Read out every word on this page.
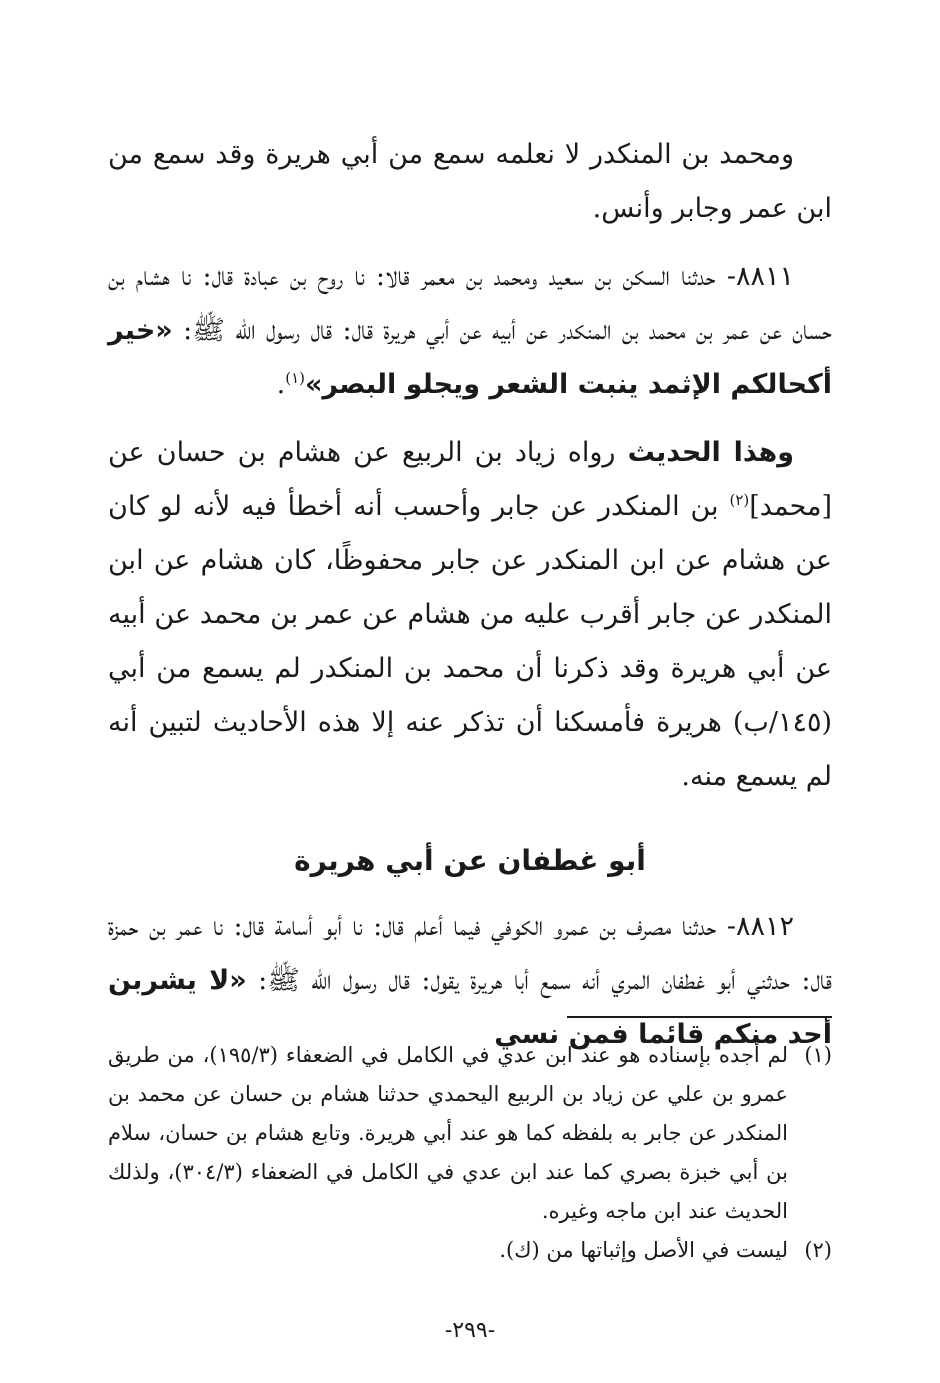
ومحمد بن المنكدر لا نعلمه سمع من أبي هريرة وقد سمع من ابن عمر وجابر وأنس.

٨٨١١- حدثنا السكن بن سعيد ومحمد بن معمر قالا: نا روح بن عبادة قال: نا هشام بن حسان عن عمر بن محمد بن المنكدر عن أبيه عن أبي هريرة قال: قال رسول الله ﷺ: «خير أكحالكم الإثمد ينبت الشعر ويجلو البصر»$^{(١)}$.

وهذا الحديث رواه زياد بن الربيع عن هشام بن حسان عن [محمد]$^{(٢)}$ بن المنكدر عن جابر وأحسب أنه أخطأ فيه لأنه لو كان عن هشام عن ابن المنكدر عن جابر محفوظًا، كان هشام عن ابن المنكدر عن جابر أقرب عليه من هشام عن عمر بن محمد عن أبيه عن أبي هريرة وقد ذكرنا أن محمد بن المنكدر لم يسمع من أبي (١٤٥/ب) هريرة فأمسكنا أن تذكر عنه إلا هذه الأحاديث لتبين أنه لم يسمع منه.

أبو غطفان عن أبي هريرة

٨٨١٢- حدثنا مصرف بن عمرو الكوفي فيما أعلم قال: نا أبو أسامة قال: نا عمر بن حمزة قال: حدثني أبو غطفان المري أنه سمع أبا هريرة يقول: قال رسول الله ﷺ: «لا يشربن أحد منكم قائما فمن نسي

(١)
لم أجده بإسناده هو عند ابن عدي في الكامل في الضعفاء (١٩٥/٣)، من طريق عمرو بن علي عن زياد بن الربيع اليحمدي حدثنا هشام بن حسان عن محمد بن المنكدر عن جابر به بلفظه كما هو عند أبي هريرة. وتابع هشام بن حسان، سلام بن أبي خبزة بصري كما عند ابن عدي في الكامل في الضعفاء (٣٠٤/٣)، ولذلك الحديث عند ابن ماجه وغيره.
(٢)
ليست في الأصل وإثباتها من (ك).
-٢٩٩-
